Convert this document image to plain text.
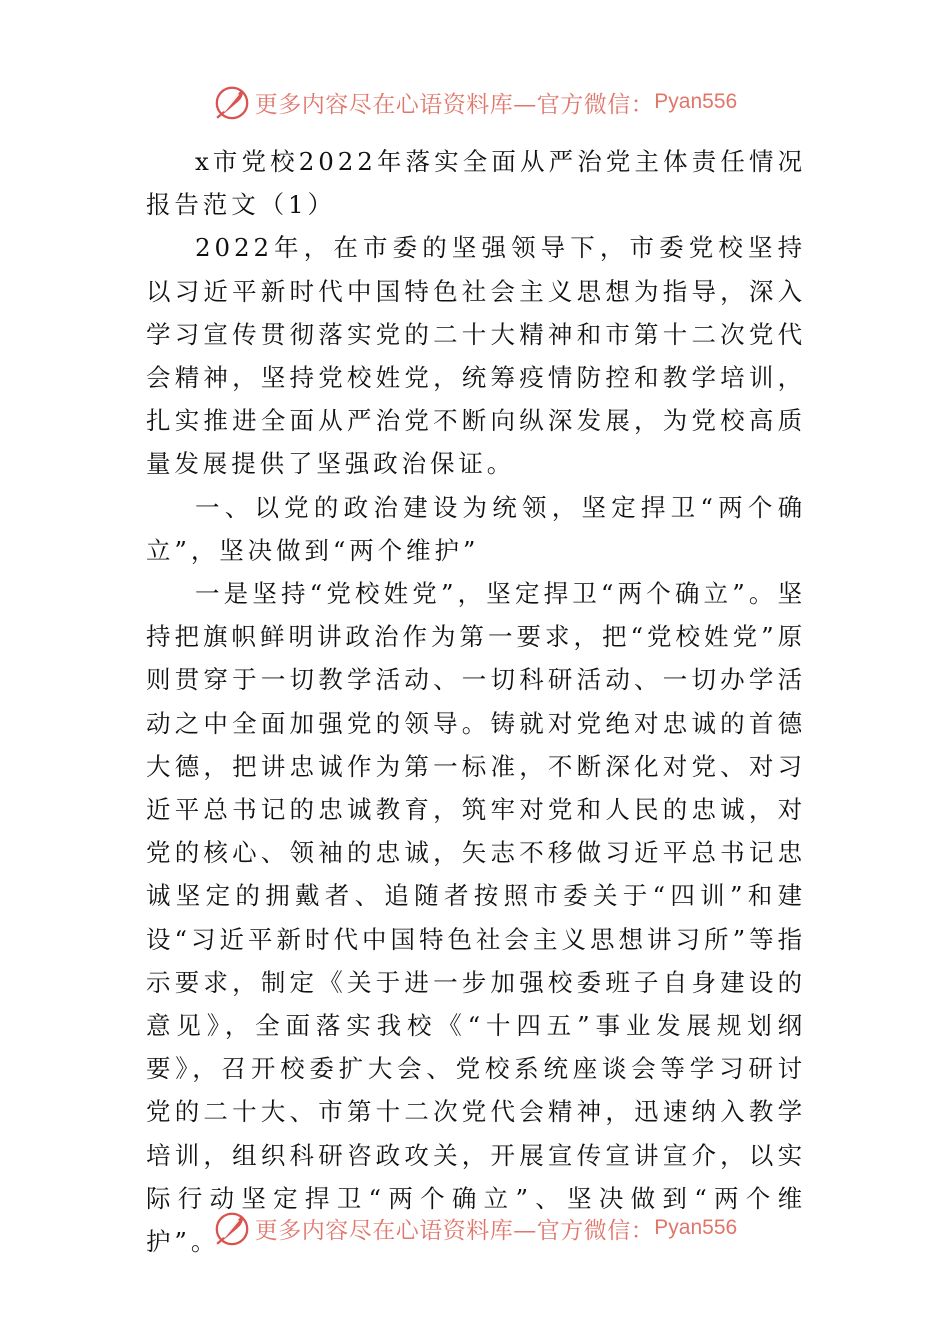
更多内容尽在心语资料库—官方微信： Pyan556

x市党校2022年落实全面从严治党主体责任情况报告范文（1）

2022年，在市委的坚强领导下，市委党校坚持以习近平新时代中国特色社会主义思想为指导，深入学习宣传贯彻落实党的二十大精神和市第十二次党代会精神，坚持党校姓党，统筹疫情防控和教学培训，扎实推进全面从严治党不断向纵深发展，为党校高质量发展提供了坚强政治保证。

一、以党的政治建设为统领，坚定捍卫“两个确立”，坚决做到“两个维护”

一是坚持“党校姓党”，坚定捍卫“两个确立”。坚持把旗帜鲜明讲政治作为第一要求，把“党校姓党”原则贯穿于一切教学活动、一切科研活动、一切办学活动之中全面加强党的领导。铸就对党绝对忠诚的首德大德，把讲忠诚作为第一标准，不断深化对党、对习近平总书记的忠诚教育，筑牢对党和人民的忠诚，对党的核心、领袖的忠诚，矢志不移做习近平总书记忠诚坚定的拥戴者、追随者按照市委关于“四训”和建设“习近平新时代中国特色社会主义思想讲习所”等指示要求，制定《关于进一步加强校委班子自身建设的意见》，全面落实我校《“十四五”事业发展规划纲要》，召开校委扩大会、党校系统座谈会等学习研讨党的二十大、市第十二次党代会精神，迅速纳入教学培训，组织科研咨政攻关，开展宣传宣讲宣介，以实际行动坚定捍卫“两个确立”、坚决做到“两个维护”。	更多内容尽在心语资料库—官方微信： Pyan556
